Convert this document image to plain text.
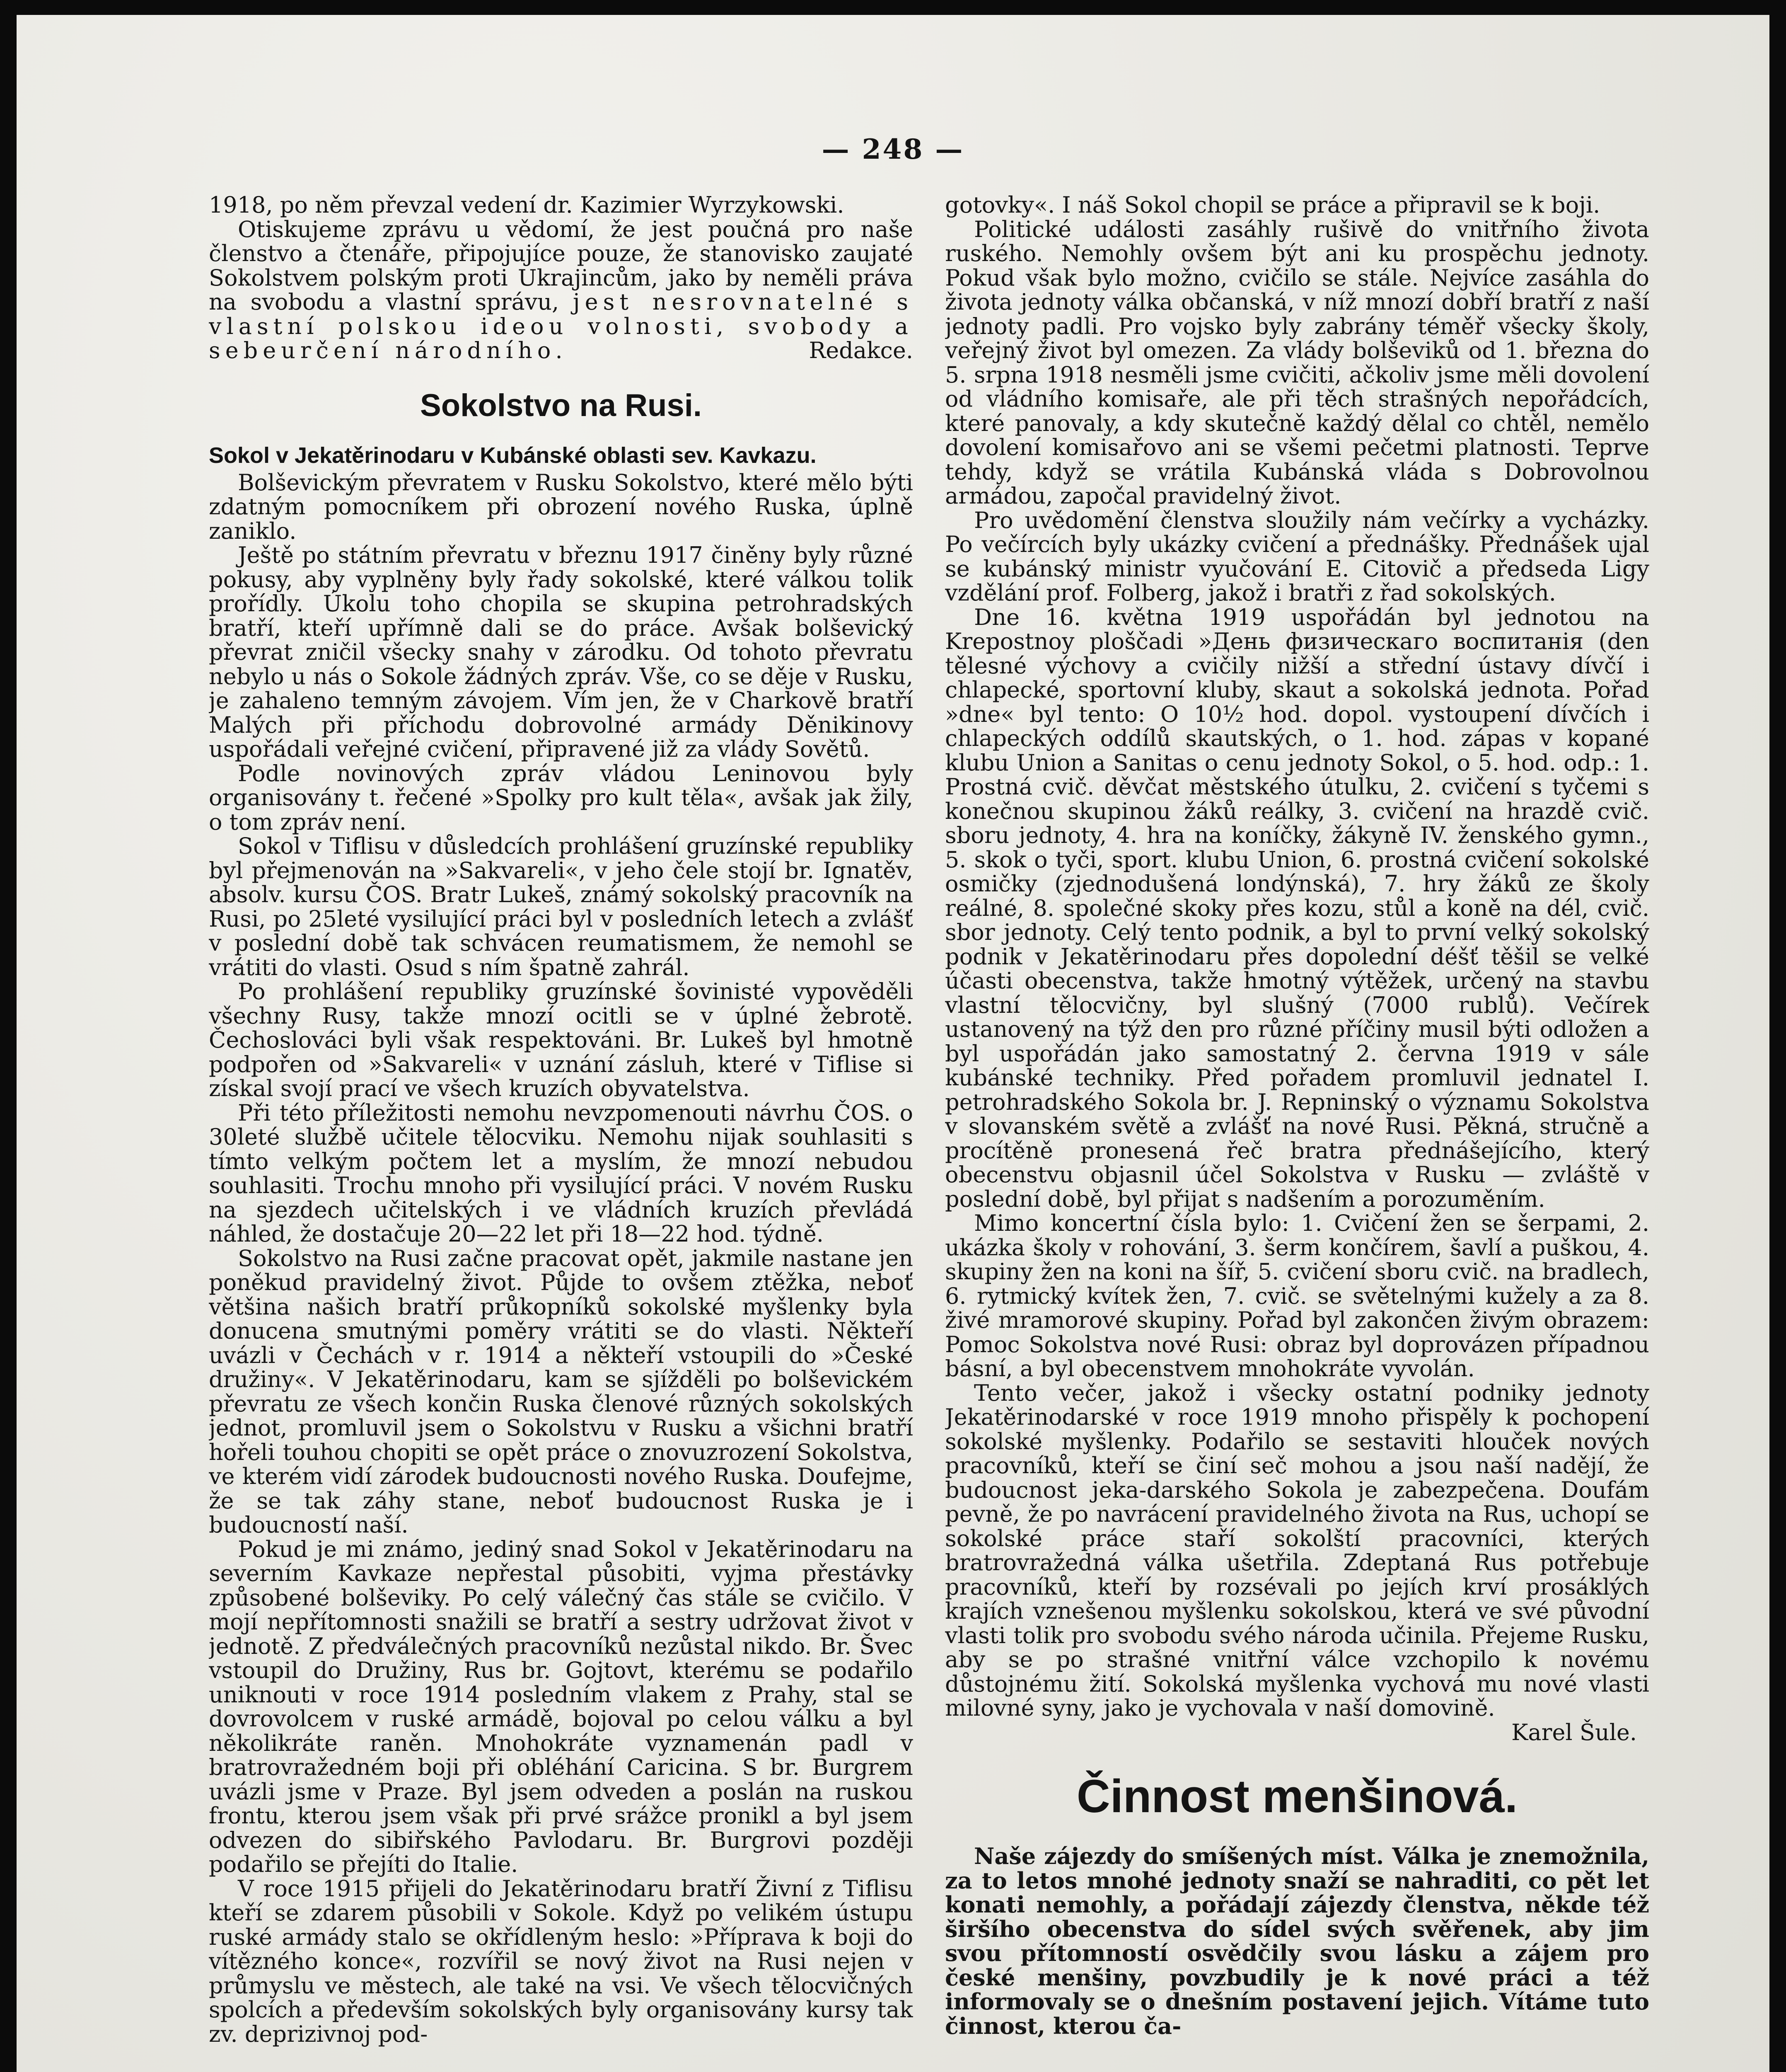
— 248 —

1918, po něm převzal vedení dr. Kazimier Wyrzykowski.

Otiskujeme zprávu u vědomí, že jest poučná pro naše členstvo a čtenáře, připojujíce pouze, že stanovisko zaujaté Sokolstvem polským proti Ukrajincům, jako by neměli práva na svobodu a vlastní správu, jest nesrovnatelné s vlastní polskou ideou volnosti, svobody a sebeurčení národního.	Redakce.

Sokolstvo na Rusi.
Sokol v Jekatěrinodaru v Kubánské oblasti sev. Kavkazu.

Bolševickým převratem v Rusku Sokolstvo, které mělo býti zdatným pomocníkem při obrození nového Ruska, úplně zaniklo.

Ještě po státním převratu v březnu 1917 činěny byly různé pokusy, aby vyplněny byly řady sokolské, které válkou tolik prořídly. Úkolu toho chopila se skupina petrohradských bratří, kteří upřímně dali se do práce. Avšak bolševický převrat zničil všecky snahy v zárodku. Od tohoto převratu nebylo u nás o Sokole žádných zpráv. Vše, co se děje v Rusku, je zahaleno temným závojem. Vím jen, že v Charkově bratří Malých při příchodu dobrovolné armády Děnikinovy uspořádali veřejné cvičení, připravené již za vlády Sovětů.

Podle novinových zpráv vládou Leninovou byly organisovány t. řečené »Spolky pro kult těla«, avšak jak žily, o tom zpráv není.

Sokol v Tiflisu v důsledcích prohlášení gruzínské republiky byl přejmenován na »Sakvareli«, v jeho čele stojí br. Ignatěv, absolv. kursu ČOS. Bratr Lukeš, známý sokolský pracovník na Rusi, po 25leté vysilující práci byl v posledních letech a zvlášť v poslední době tak schvácen reumatismem, že nemohl se vrátiti do vlasti. Osud s ním špatně zahrál.

Po prohlášení republiky gruzínské šovinisté vypověděli všechny Rusy, takže mnozí ocitli se v úplné žebrotě. Čechoslováci byli však respektováni. Br. Lukeš byl hmotně podpořen od »Sakvareli« v uznání zásluh, které v Tiflise si získal svojí prací ve všech kruzích obyvatelstva.

Při této příležitosti nemohu nevzpomenouti návrhu ČOS. o 30leté službě učitele tělocviku. Nemohu nijak souhlasiti s tímto velkým počtem let a myslím, že mnozí nebudou souhlasiti. Trochu mnoho při vysilující práci. V novém Rusku na sjezdech učitelských i ve vládních kruzích převládá náhled, že dostačuje 20—22 let při 18—22 hod. týdně.

Sokolstvo na Rusi začne pracovat opět, jakmile nastane jen poněkud pravidelný život. Půjde to ovšem ztěžka, neboť většina našich bratří průkopníků sokolské myšlenky byla donucena smutnými poměry vrátiti se do vlasti. Někteří uvázli v Čechách v r. 1914 a někteří vstoupili do »České družiny«. V Jekatěrinodaru, kam se sjížděli po bolševickém převratu ze všech končin Ruska členové různých sokolských jednot, promluvil jsem o Sokolstvu v Rusku a všichni bratří hořeli touhou chopiti se opět práce o znovuzrození Sokolstva, ve kterém vidí zárodek budoucnosti nového Ruska. Doufejme, že se tak záhy stane, neboť budoucnost Ruska je i budoucností naší.

Pokud je mi známo, jediný snad Sokol v Jekatěrinodaru na severním Kavkaze nepřestal působiti, vyjma přestávky způsobené bolševiky. Po celý válečný čas stále se cvičilo. V mojí nepřítomnosti snažili se bratří a sestry udržovat život v jednotě. Z předválečných pracovníků nezůstal nikdo. Br. Švec vstoupil do Družiny, Rus br. Gojtovt, kterému se podařilo uniknouti v roce 1914 posledním vlakem z Prahy, stal se dovrovolcem v ruské armádě, bojoval po celou válku a byl několikráte raněn. Mnohokráte vyznamenán padl v bratrovražedném boji při obléhání Caricina. S br. Burgrem uvázli jsme v Praze. Byl jsem odveden a poslán na ruskou frontu, kterou jsem však při prvé srážce pronikl a byl jsem odvezen do sibiřského Pavlodaru. Br. Burgrovi později podařilo se přejíti do Italie.

V roce 1915 přijeli do Jekatěrinodaru bratří Živní z Tiflisu kteří se zdarem působili v Sokole. Když po velikém ústupu ruské armády stalo se okřídleným heslo: »Příprava k boji do vítězného konce«, rozvířil se nový život na Rusi nejen v průmyslu ve městech, ale také na vsi. Ve všech tělocvičných spolcích a především sokolských byly organisovány kursy tak zv. deprizivnoj pod-

gotovky«. I náš Sokol chopil se práce a připravil se k boji.

Politické události zasáhly rušivě do vnitřního života ruského. Nemohly ovšem být ani ku prospěchu jednoty. Pokud však bylo možno, cvičilo se stále. Nejvíce zasáhla do života jednoty válka občanská, v níž mnozí dobří bratří z naší jednoty padli. Pro vojsko byly zabrány téměř všecky školy, veřejný život byl omezen. Za vlády bolševiků od 1. března do 5. srpna 1918 nesměli jsme cvičiti, ačkoliv jsme měli dovolení od vládního komisaře, ale při těch strašných nepořádcích, které panovaly, a kdy skutečně každý dělal co chtěl, nemělo dovolení komisařovo ani se všemi pečetmi platnosti. Teprve tehdy, když se vrátila Kubánská vláda s Dobrovolnou armádou, započal pravidelný život.

Pro uvědomění členstva sloužily nám večírky a vycházky. Po večírcích byly ukázky cvičení a přednášky. Přednášek ujal se kubánský ministr vyučování E. Citovič a předseda Ligy vzdělání prof. Folberg, jakož i bratři z řad sokolských.

Dne 16. května 1919 uspořádán byl jednotou na Krepostnoy ploščadi »День физическаго воспитанія (den tělesné výchovy a cvičily nižší a střední ústavy dívčí i chlapecké, sportovní kluby, skaut a sokolská jednota. Pořad »dne« byl tento: O 10½ hod. dopol. vystoupení dívčích i chlapeckých oddílů skautských, o 1. hod. zápas v kopané klubu Union a Sanitas o cenu jednoty Sokol, o 5. hod. odp.: 1. Prostná cvič. děvčat městského útulku, 2. cvičení s tyčemi s konečnou skupinou žáků reálky, 3. cvičení na hrazdě cvič. sboru jednoty, 4. hra na koníčky, žákyně IV. ženského gymn., 5. skok o tyči, sport. klubu Union, 6. prostná cvičení sokolské osmičky (zjednodušená londýnská), 7. hry žáků ze školy reálné, 8. společné skoky přes kozu, stůl a koně na dél, cvič. sbor jednoty. Celý tento podnik, a byl to první velký sokolský podnik v Jekatěrinodaru přes dopolední déšť těšil se velké účasti obecenstva, takže hmotný výtěžek, určený na stavbu vlastní tělocvičny, byl slušný (7000 rublů). Večírek ustanovený na týž den pro různé příčiny musil býti odložen a byl uspořádán jako samostatný 2. června 1919 v sále kubánské techniky. Před pořadem promluvil jednatel I. petrohradského Sokola br. J. Repninský o významu Sokolstva v slovanském světě a zvlášť na nové Rusi. Pěkná, stručně a procítěně pronesená řeč bratra přednášejícího, který obecenstvu objasnil účel Sokolstva v Rusku — zvláště v poslední době, byl přijat s nadšením a porozuměním.

Mimo koncertní čísla bylo: 1. Cvičení žen se šerpami, 2. ukázka školy v rohování, 3. šerm končírem, šavlí a puškou, 4. skupiny žen na koni na šíř, 5. cvičení sboru cvič. na bradlech, 6. rytmický kvítek žen, 7. cvič. se světelnými kužely a za 8. živé mramorové skupiny. Pořad byl zakončen živým obrazem: Pomoc Sokolstva nové Rusi: obraz byl doprovázen případnou básní, a byl obecenstvem mnohokráte vyvolán.

Tento večer, jakož i všecky ostatní podniky jednoty Jekatěrinodarské v roce 1919 mnoho přispěly k pochopení sokolské myšlenky. Podařilo se sestaviti hlouček nových pracovníků, kteří se činí seč mohou a jsou naší nadějí, že budoucnost jeka-darského Sokola je zabezpečena. Doufám pevně, že po navrácení pravidelného života na Rus, uchopí se sokolské práce staří sokolští pracovníci, kterých bratrovražedná válka ušetřila. Zdeptaná Rus potřebuje pracovníků, kteří by rozsévali po jejích krví prosáklých krajích vznešenou myšlenku sokolskou, která ve své původní vlasti tolik pro svobodu svého národa učinila. Přejeme Rusku, aby se po strašné vnitřní válce vzchopilo k novému důstojnému žití. Sokolská myšlenka vychová mu nové vlasti milovné syny, jako je vychovala v naší domovině.

Karel Šule.

Činnost menšinová.

Naše zájezdy do smíšených míst. Válka je znemožnila, za to letos mnohé jednoty snaží se nahraditi, co pět let konati nemohly, a pořádají zájezdy členstva, někde též širšího obecenstva do sídel svých svěřenek, aby jim svou přítomností osvědčily svou lásku a zájem pro české menšiny, povzbudily je k nové práci a též informovaly se o dnešním postavení jejich. Vítáme tuto činnost, kterou ča-
